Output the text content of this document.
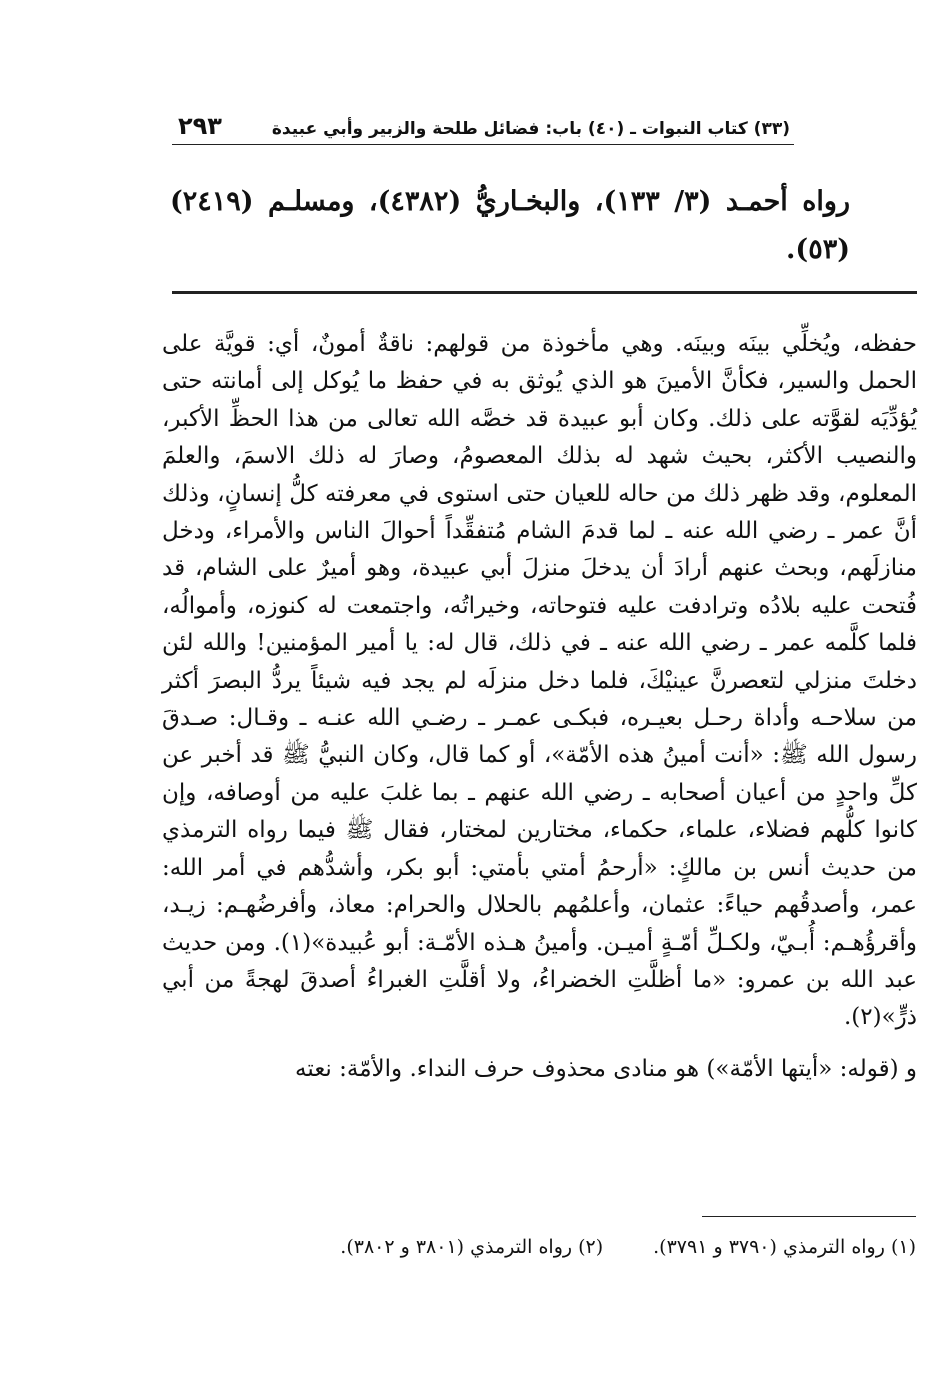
(٣٣) كتاب النبوات ـ (٤٠) باب: فضائل طلحة والزبير وأبي عبيدة
٢٩٣

رواه أحمـد (٣/ ١٣٣)، والبخـاريُّ (٤٣٨٢)، ومسلـم (٢٤١٩) (٥٣).

حفظه، ويُخلِّي بينَه وبينَه. وهي مأخوذة من قولهم: ناقةٌ أمونٌ، أي: قويَّة على الحمل والسير، فكأنَّ الأمينَ هو الذي يُوثق به في حفظ ما يُوكل إلى أمانته حتى يُؤدِّيَه لقوَّته على ذلك. وكان أبو عبيدة قد خصَّه الله تعالى من هذا الحظِّ الأكبر، والنصيب الأكثر، بحيث شهد له بذلك المعصومُ، وصارَ له ذلك الاسمَ، والعلمَ المعلوم، وقد ظهر ذلك من حاله للعيان حتى استوى في معرفته كلُّ إنسانٍ، وذلك أنَّ عمر ـ رضي الله عنه ـ لما قدمَ الشام مُتفقِّداً أحوالَ الناس والأمراء، ودخل منازلَهم، وبحث عنهم أرادَ أن يدخلَ منزلَ أبي عبيدة، وهو أميرٌ على الشام، قد فُتحت عليه بلادُه وترادفت عليه فتوحاته، وخيراتُه، واجتمعت له كنوزه، وأموالُه، فلما كلَّمه عمر ـ رضي الله عنه ـ في ذلك، قال له: يا أمير المؤمنين! والله لئن دخلتَ منزلي لتعصرنَّ عينيْكَ، فلما دخل منزلَه لم يجد فيه شيئاً يردُّ البصرَ أكثر من سلاحـه وأداة رحـل بعيـره، فبكـى عمـر ـ رضـي الله عنـه ـ وقـال: صـدقَ رسول الله ﷺ: «أنت أمينُ هذه الأمّة»، أو كما قال، وكان النبيُّ ﷺ قد أخبر عن كلِّ واحدٍ من أعيان أصحابه ـ رضي الله عنهم ـ بما غلبَ عليه من أوصافه، وإن كانوا كلُّهم فضلاء، علماء، حكماء، مختارين لمختار، فقال ﷺ فيما رواه الترمذي من حديث أنس بن مالكٍ: «أرحمُ أمتي بأمتي: أبو بكر، وأشدُّهم في أمر الله: عمر، وأصدقُهم حياءً: عثمان، وأعلمُهم بالحلال والحرام: معاذ، وأفرضُهـم: زيـد، وأقرؤُهـم: أُبـيّ، ولكـلِّ أمّـةٍ أميـن. وأمينُ هـذه الأمّـة: أبو عُبيدة»(١). ومن حديث عبد الله بن عمرو: «ما أظلَّتِ الخضراءُ، ولا أقلَّتِ الغبراءُ أصدقَ لهجةً من أبي ذرٍّ»(٢).

و (قوله: «أيتها الأمّة») هو منادى محذوف حرف النداء. والأمّة: نعته

(١) رواه الترمذي (٣٧٩٠ و ٣٧٩١).
(٢) رواه الترمذي (٣٨٠١ و ٣٨٠٢).
